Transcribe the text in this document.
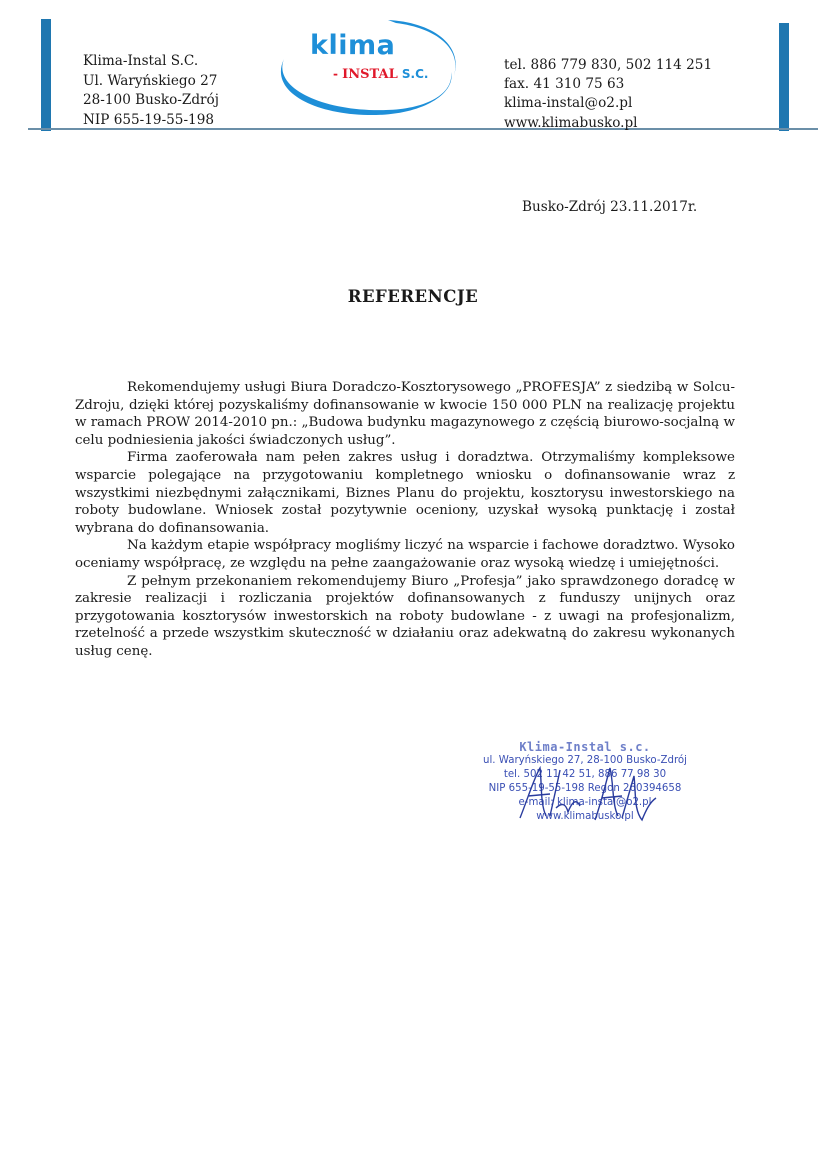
Klima-Instal S.C.
Ul. Waryńskiego 27
28-100 Busko-Zdrój
NIP 655-19-55-198
klima
- INSTAL S.C.
tel. 886 779 830, 502 114 251
fax. 41 310 75 63
klima-instal@o2.pl
www.klimabusko.pl
Busko-Zdrój 23.11.2017r.
REFERENCJE

Rekomendujemy usługi Biura Doradczo-Kosztorysowego „PROFESJA” z siedzibą w Solcu-Zdroju, dzięki której pozyskaliśmy dofinansowanie w kwocie 150 000 PLN na realizację projektu w ramach PROW 2014-2010 pn.: „Budowa budynku magazynowego z częścią biurowo-socjalną w celu podniesienia jakości świadczonych usług”.

Firma zaoferowała nam pełen zakres usług i doradztwa. Otrzymaliśmy kompleksowe wsparcie polegające na przygotowaniu kompletnego wniosku o dofinansowanie wraz z wszystkimi niezbędnymi załącznikami, Biznes Planu do projektu, kosztorysu inwestorskiego na roboty budowlane. Wniosek został pozytywnie oceniony, uzyskał wysoką punktację i został wybrana do dofinansowania.

Na każdym etapie współpracy mogliśmy liczyć na wsparcie i fachowe doradztwo. Wysoko oceniamy współpracę, ze względu na pełne zaangażowanie oraz wysoką wiedzę i umiejętności.

Z pełnym przekonaniem rekomendujemy Biuro „Profesja” jako sprawdzonego doradcę w zakresie realizacji i rozliczania projektów dofinansowanych z funduszy unijnych oraz przygotowania kosztorysów inwestorskich na roboty budowlane - z uwagi na profesjonalizm, rzetelność a przede wszystkim skuteczność w działaniu oraz adekwatną do zakresu wykonanych usług cenę.

Klima-Instal s.c.
ul. Waryńskiego 27, 28-100 Busko-Zdrój
tel. 502 11 42 51, 886 77 98 30
NIP 655-19-55-198 Regon 260394658
e-mail: klima-instal@o2.pl
www.klimabusko.pl
